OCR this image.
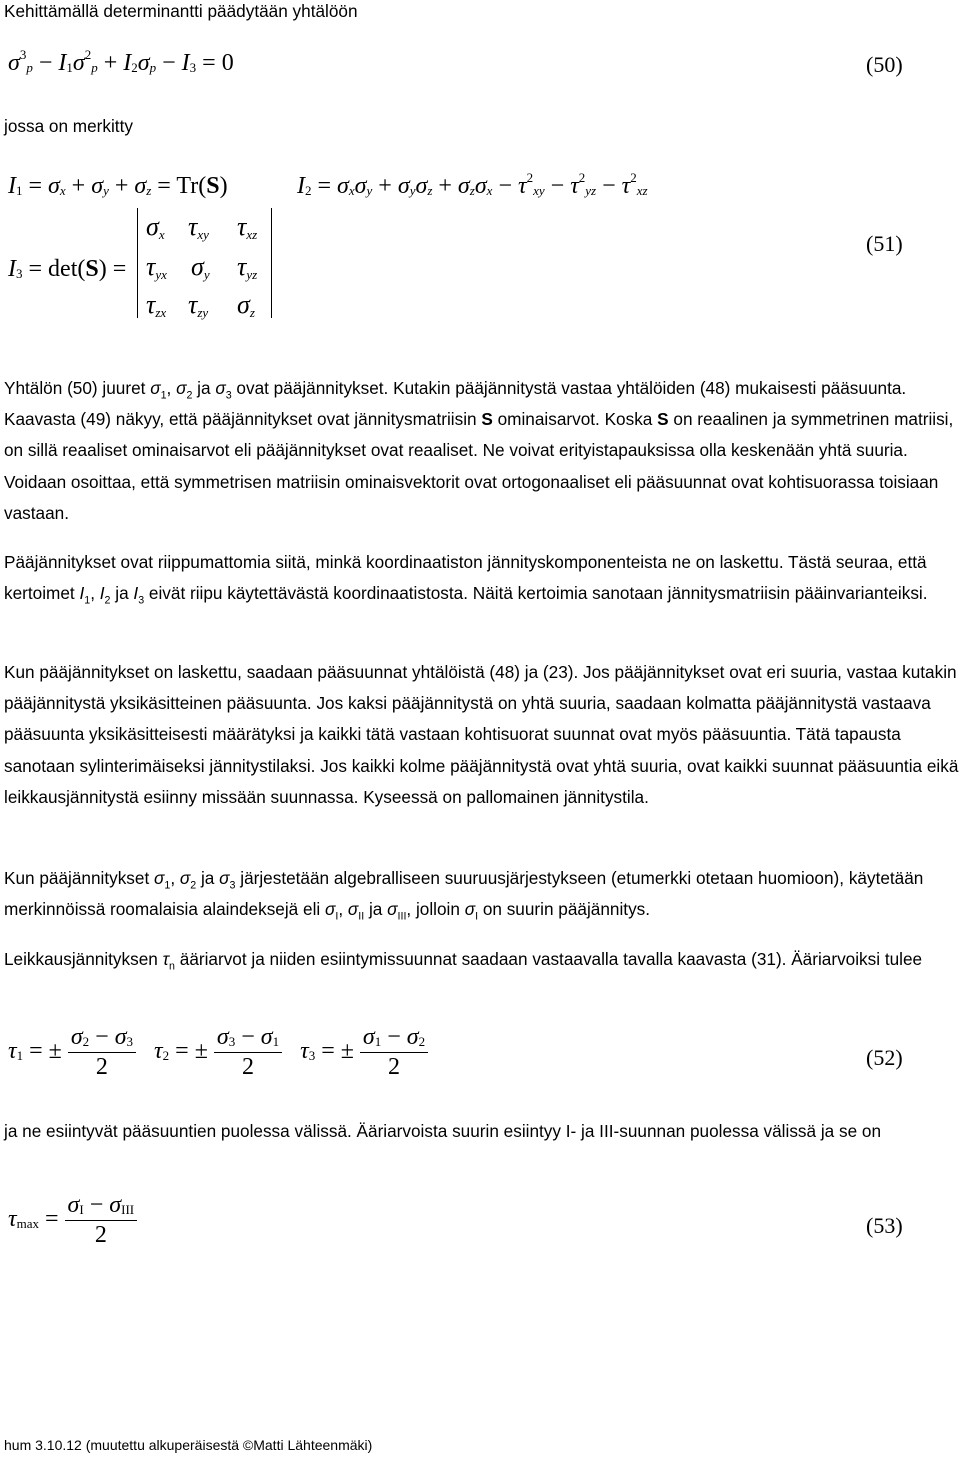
Kehittämällä determinantti päädytään yhtälöön
$\sigma^3_p - I_1\sigma^2_p + I_2\sigma_p - I_3 = 0$	(50)
jossa on merkitty
$I_1 = \sigma_x + \sigma_y + \sigma_z = Tr(S)$	$I_2 = \sigma_x\sigma_y + \sigma_y\sigma_z + \sigma_z\sigma_x - \tau^2_{xy} - \tau^2_{yz} - \tau^2_{xz}$
$I_3 = \det(S)$ =
$\sigma_x$ $\tau_{xy}$ $\tau_{xz}$
$\tau_{yx}$ $\sigma_y$ $\tau_{yz}$
$\tau_{zx}$ $\tau_{zy}$ $\sigma_z$
(51)
Yhtälön (50) juuret $\sigma_1$, $\sigma_2$ ja $\sigma_3$ ovat pääjännitykset. Kutakin pääjännitystä vastaa yhtälöiden (48) mukaisesti pääsuunta. Kaavasta (49) näkyy, että pääjännitykset ovat jännitysmatriisin S ominaisarvot. Koska S on reaalinen ja symmetrinen matriisi, on sillä reaaliset ominaisarvot eli pääjännitykset ovat reaaliset. Ne voivat erityistapauksissa olla keskenään yhtä suuria. Voidaan osoittaa, että symmetrisen matriisin ominaisvektorit ovat ortogonaaliset eli pääsuunnat ovat kohtisuorassa toisiaan vastaan.
Pääjännitykset ovat riippumattomia siitä, minkä koordinaatiston jännityskomponenteista ne on laskettu. Tästä seuraa, että kertoimet $I_1$, $I_2$ ja $I_3$ eivät riipu käytettävästä koordinaatistosta. Näitä kertoimia sanotaan jännitysmatriisin pääinvarianteiksi.
Kun pääjännitykset on laskettu, saadaan pääsuunnat yhtälöistä (48) ja (23). Jos pääjännitykset ovat eri suuria, vastaa kutakin pääjännitystä yksikäsitteinen pääsuunta. Jos kaksi pääjännitystä on yhtä suuria, saadaan kolmatta pääjännitystä vastaava pääsuunta yksikäsitteisesti määrätyksi ja kaikki tätä vastaan kohtisuorat suunnat ovat myös pääsuuntia. Tätä tapausta sanotaan sylinterimäiseksi jännitystilaksi. Jos kaikki kolme pääjännitystä ovat yhtä suuria, ovat kaikki suunnat pääsuuntia eikä leikkausjännitystä esiinny missään suunnassa. Kyseessä on pallomainen jännitystila.
Kun pääjännitykset $\sigma_1$, $\sigma_2$ ja $\sigma_3$ järjestetään algebralliseen suuruusjärjestykseen (etumerkki otetaan huomioon), käytetään merkinnöissä roomalaisia alaindeksejä eli $\sigma_I$, $\sigma_{II}$ ja $\sigma_{III}$, jolloin $\sigma_I$ on suurin pääjännitys.
Leikkausjännityksen $\tau_n$ ääriarvot ja niiden esiintymissuunnat saadaan vastaavalla tavalla kaavasta (31). Ääriarvoiksi tulee
$\tau_1$ = ± $\frac{\sigma_2 - \sigma_3}{2} \tau_2$ = ± $\frac{\sigma_3 - \sigma_1}{2} \tau_3$ = ± $\frac{\sigma_1 - \sigma_2}{2}$	(52)
ja ne esiintyvät pääsuuntien puolessa välissä. Ääriarvoista suurin esiintyy I- ja III-suunnan puolessa välissä ja se on
$\tau_{max} = \frac{\sigma_I - \sigma_{III}}{2}$	(53)
hum 3.10.12 (muutettu alkuperäisestä ©Matti Lähteenmäki)
